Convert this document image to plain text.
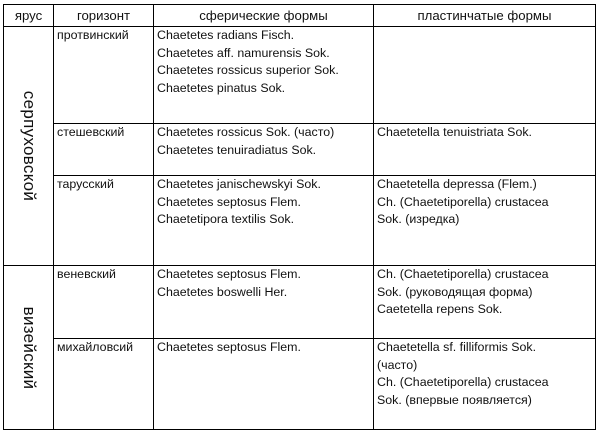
ярус	горизонт	сферические формы	пластинчатые формы

серпуховской	протвинский	Chaetetes radians Fisch.
Chaetetes aff. namurensis Sok.
Chaetetes rossicus superior Sok.
Chaetetes pinatus Sok.	

	стешевский	Chaetetes rossicus Sok. (часто)
Chaetetes tenuiradiatus Sok.	Chaetetella tenuistriata Sok.

	тарусский	Chaetetes janischewskyi Sok.
Chaetetes septosus Flem.
Chaetetipora textilis Sok.	Chaetetella depressa (Flem.)
Ch. (Chaetetiporella) crustacea
Sok. (изредка)

визейский	веневский	Chaetetes septosus Flem.
Chaetetes boswelli Her.	Ch. (Chaetetiporella) crustacea
Sok. (руководящая форма)
Caetetella repens Sok.

	михайловсий	Chaetetes septosus Flem.	Chaetetella sf. filliformis Sok.
(часто)
Ch. (Chaetetiporella) crustacea
Sok. (впервые появляется)
